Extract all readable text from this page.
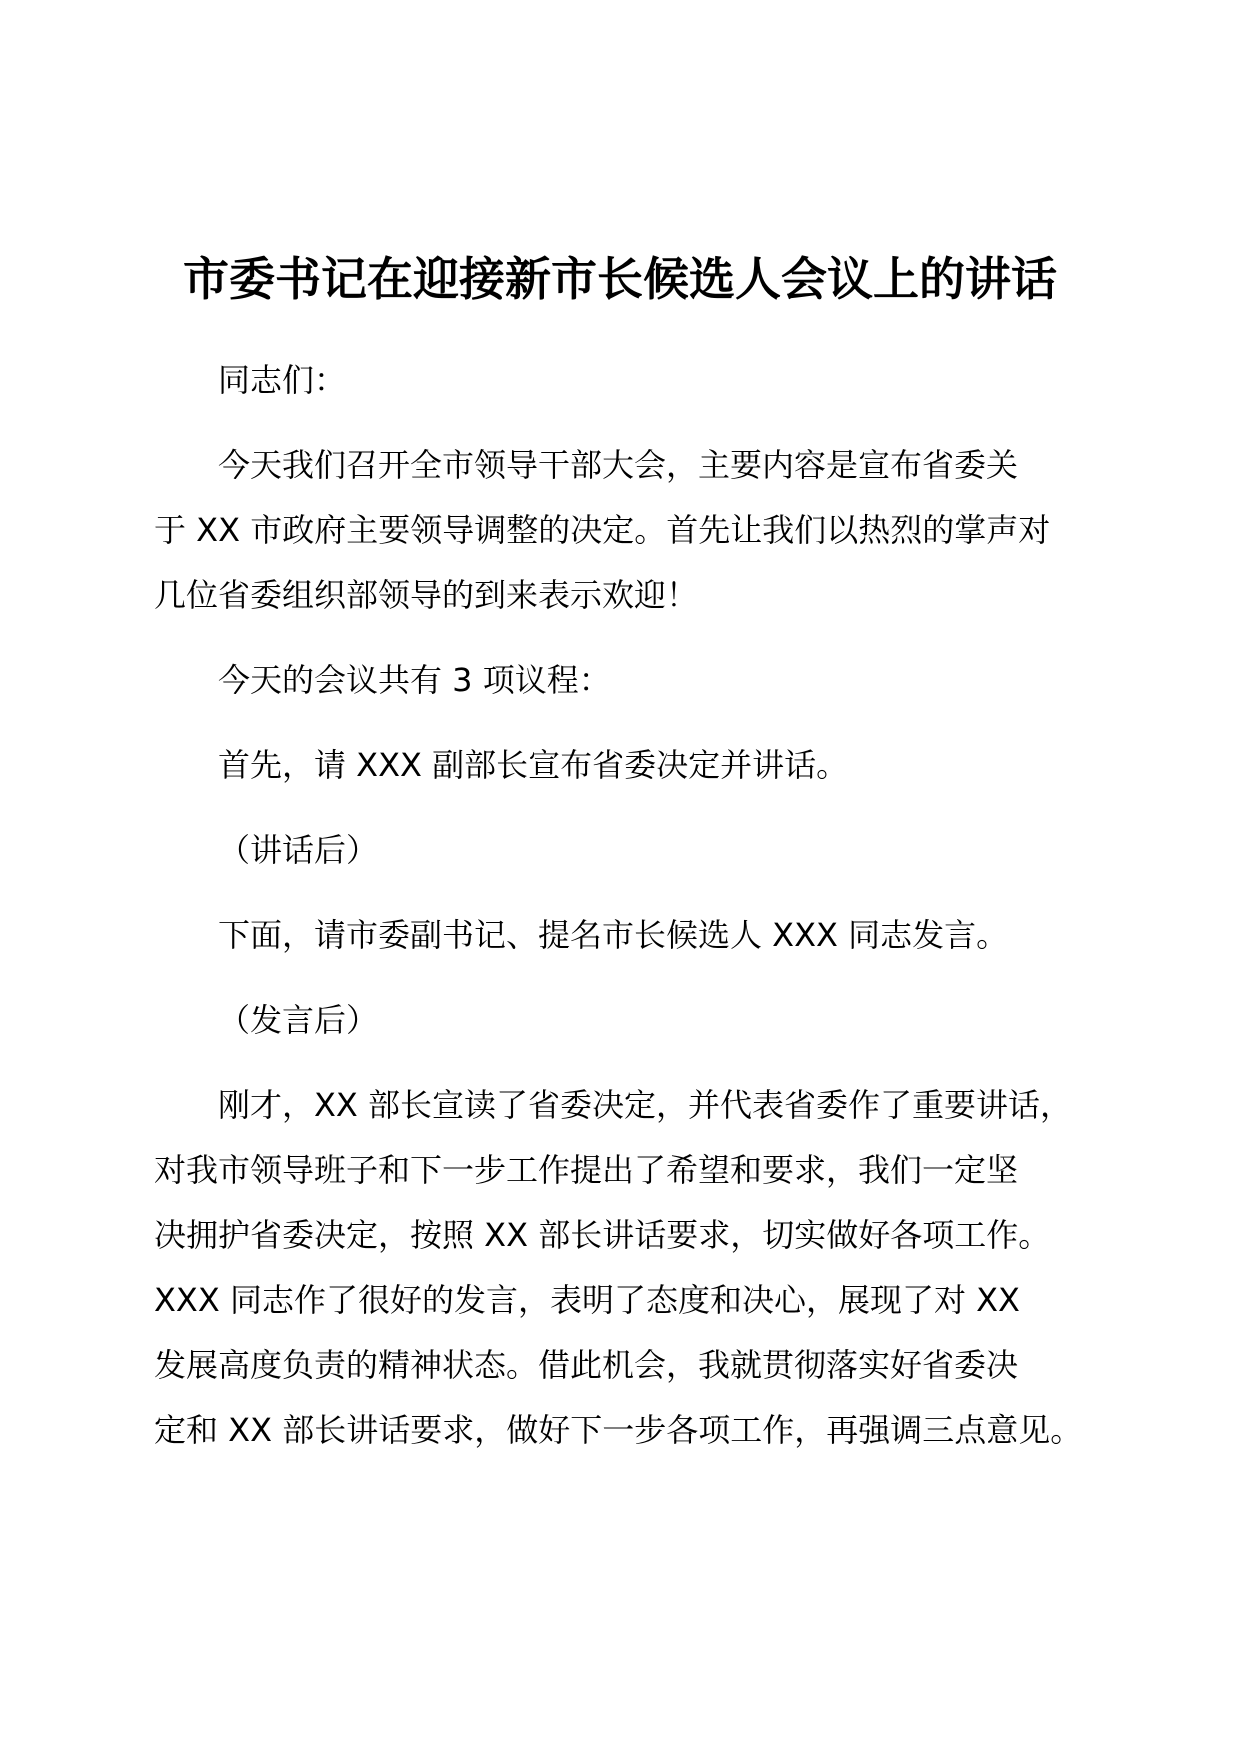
市委书记在迎接新市长候选人会议上的讲话
同志们：
今天我们召开全市领导干部大会，主要内容是宣布省委关
于 XX 市政府主要领导调整的决定。首先让我们以热烈的掌声对
几位省委组织部领导的到来表示欢迎！
今天的会议共有 3 项议程：
首先，请 XXX 副部长宣布省委决定并讲话。
（讲话后）
下面，请市委副书记、提名市长候选人 XXX 同志发言。
（发言后）
刚才，XX 部长宣读了省委决定，并代表省委作了重要讲话，
对我市领导班子和下一步工作提出了希望和要求，我们一定坚
决拥护省委决定，按照 XX 部长讲话要求，切实做好各项工作。
XXX 同志作了很好的发言，表明了态度和决心，展现了对 XX
发展高度负责的精神状态。借此机会，我就贯彻落实好省委决
定和 XX 部长讲话要求，做好下一步各项工作，再强调三点意见。
